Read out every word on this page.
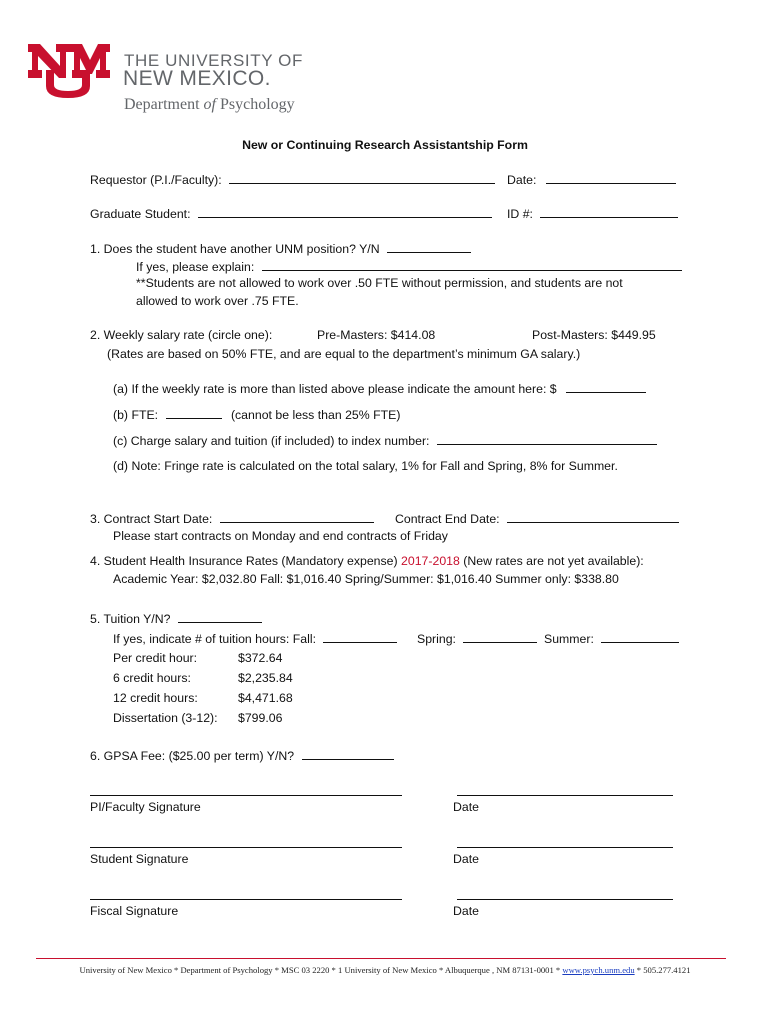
THE UNIVERSITY OF
NEW MEXICO.
Department of Psychology
New or Continuing Research Assistantship Form
Requestor (P.I./Faculty):	Date:
Graduate Student:	ID #:
1. Does the student have another UNM position? Y/N
If yes, please explain:
**Students are not allowed to work over .50 FTE without permission, and students are not
allowed to work over .75 FTE.
2. Weekly salary rate (circle one):	Pre-Masters: $414.08	Post-Masters: $449.95
(Rates are based on 50% FTE, and are equal to the department’s minimum GA salary.)
(a) If the weekly rate is more than listed above please indicate the amount here: $
(b) FTE:	(cannot be less than 25% FTE)
(c) Charge salary and tuition (if included) to index number:
(d) Note: Fringe rate is calculated on the total salary, 1% for Fall and Spring, 8% for Summer.
3. Contract Start Date:	Contract End Date:
Please start contracts on Monday and end contracts of Friday
4. Student Health Insurance Rates (Mandatory expense) 2017-2018 (New rates are not yet available):
Academic Year: $2,032.80 Fall: $1,016.40 Spring/Summer: $1,016.40 Summer only: $338.80
5. Tuition Y/N?
If yes, indicate # of tuition hours: Fall:	Spring:	Summer:
Per credit hour:	$372.64
6 credit hours:	$2,235.84
12 credit hours:	$4,471.68
Dissertation (3-12): $799.06
6. GPSA Fee: ($25.00 per term) Y/N?
PI/Faculty Signature	Date
Student Signature	Date
Fiscal Signature	Date
University of New Mexico * Department of Psychology * MSC 03 2220 * 1 University of New Mexico * Albuquerque , NM 87131-0001 * www.psych.unm.edu * 505.277.4121
